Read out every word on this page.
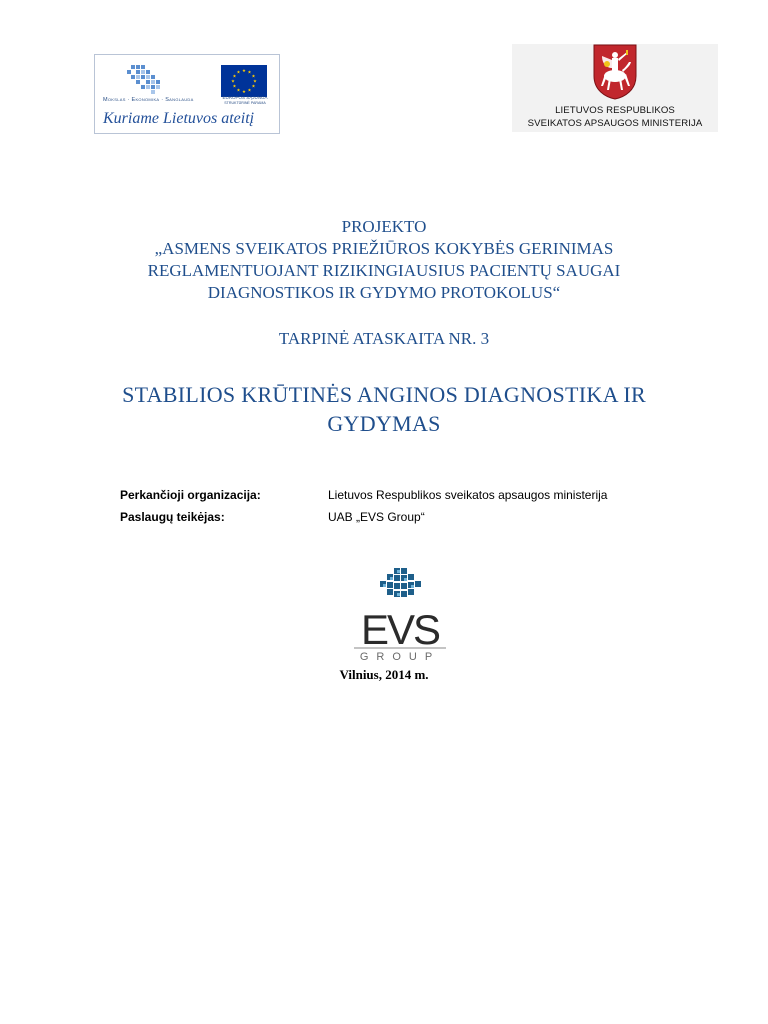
Mokslas · Ekonomika · Sanglauda
Kuriame Lietuvos ateitį
★ ★
★
★
★
★
★
★
★
★
★
★
EUROPOS SĄJUNGA
STRUKTŪRINĖ PARAMA
LIETUVOS RESPUBLIKOS
SVEIKATOS APSAUGOS MINISTERIJA
PROJEKTO
„ASMENS SVEIKATOS PRIEŽIŪROS KOKYBĖS GERINIMAS
REGLAMENTUOJANT RIZIKINGIAUSIUS PACIENTŲ SAUGAI
DIAGNOSTIKOS IR GYDYMO PROTOKOLUS“
TARPINĖ ATASKAITA NR. 3
STABILIOS KRŪTINĖS ANGINOS DIAGNOSTIKA IR
GYDYMAS
Perkančioji organizacija:	Lietuvos Respublikos sveikatos apsaugos ministerija
Paslaugų teikėjas:	UAB „EVS Group“
EVS
GROUP
Vilnius, 2014 m.
